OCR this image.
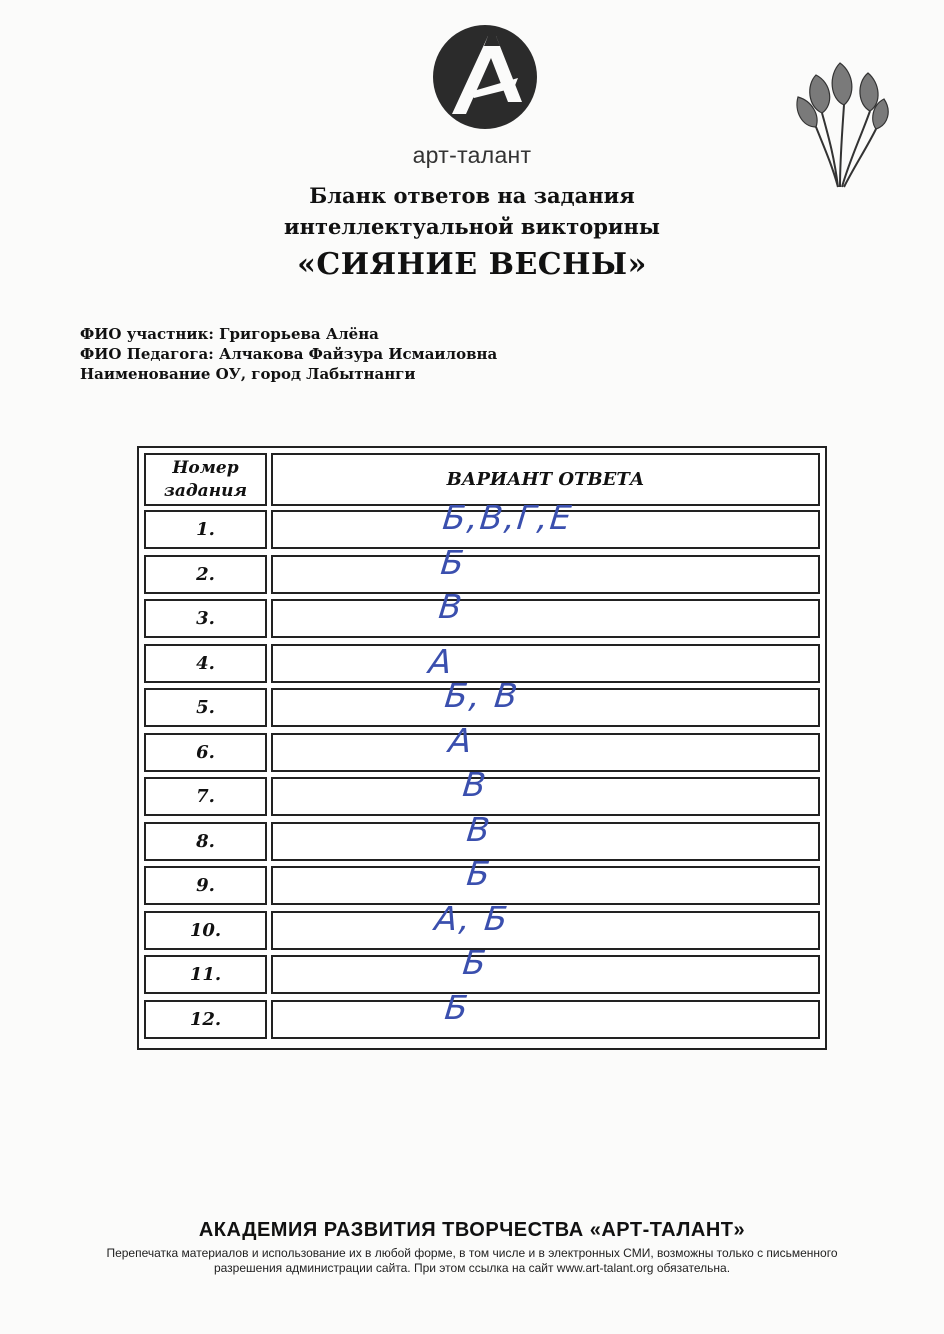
арт-талант
Бланк ответов на задания
интеллектуальной викторины
«СИЯНИЕ ВЕСНЫ»
ФИО участник: Григорьева Алёна
ФИО Педагога: Алчакова Файзура Исмаиловна
Наименование ОУ, город Лабытнанги
Номер задания
ВАРИАНТ ОТВЕТА
1.	Б,В,Г,Е
2.	Б
3.	В
4.	А
5.	Б, В
6.	А
7.	В
8.	В
9.	Б
10.	А, Б
11.	Б
12.	Б
АКАДЕМИЯ РАЗВИТИЯ ТВОРЧЕСТВА «АРТ-ТАЛАНТ»
Перепечатка материалов и использование их в любой форме, в том числе и в электронных СМИ, возможны только с письменного разрешения администрации сайта. При этом ссылка на сайт www.art-talant.org обязательна.
